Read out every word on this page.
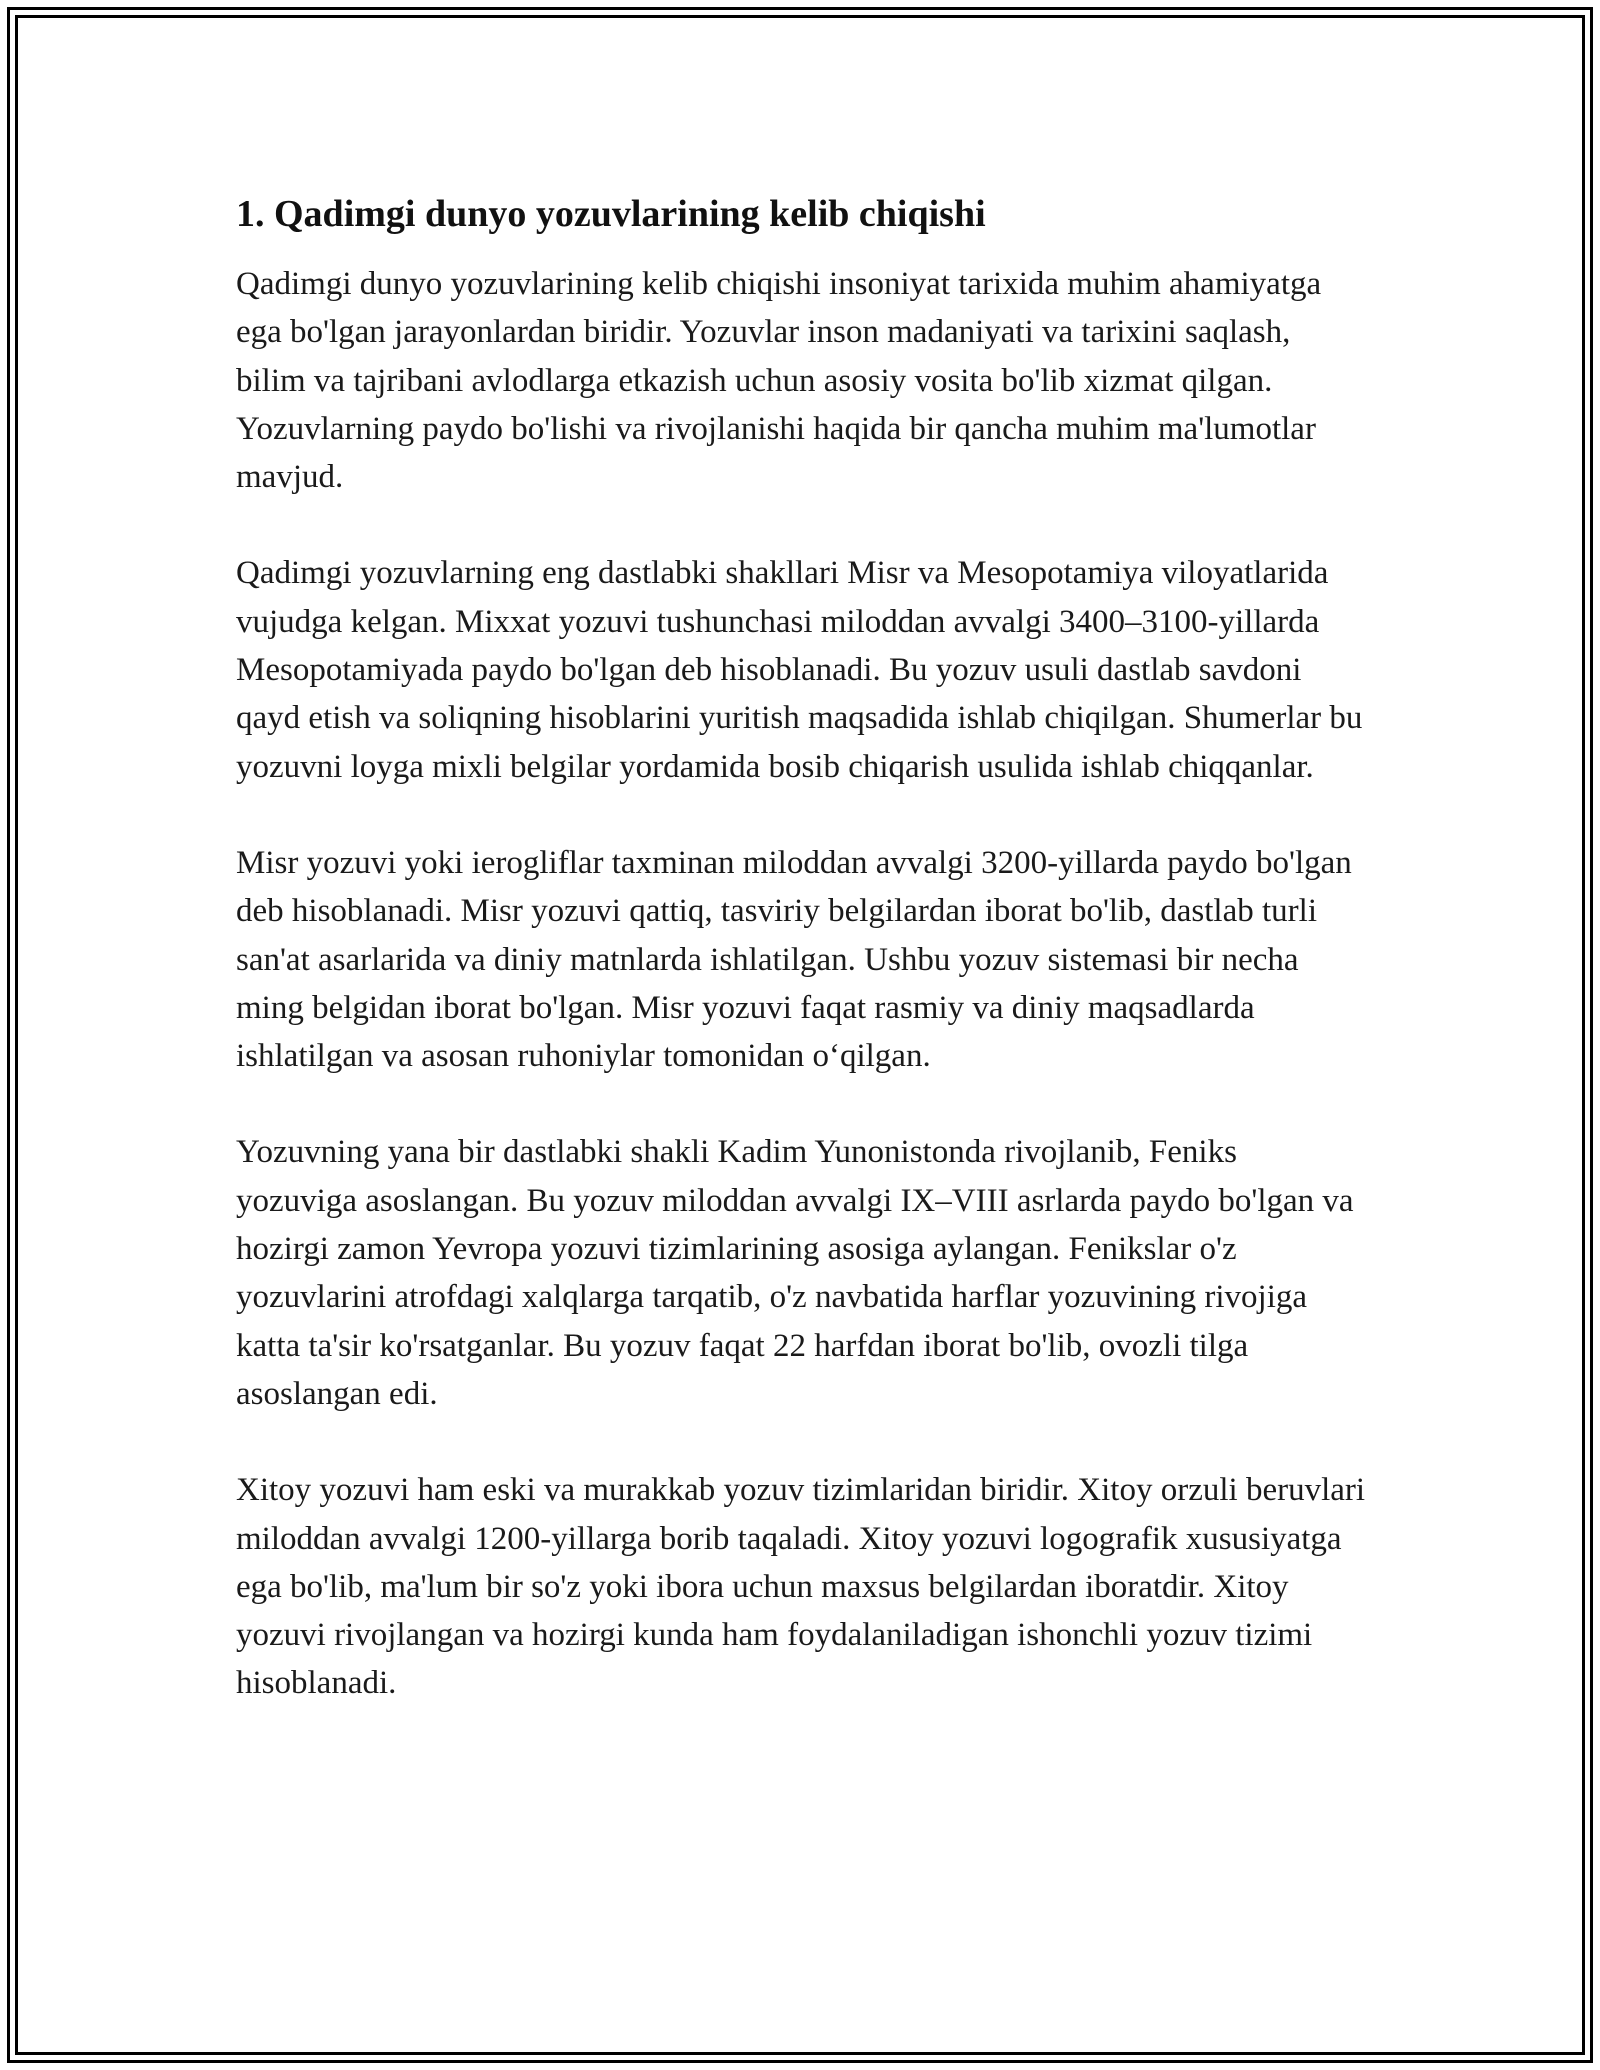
1. Qadimgi dunyo yozuvlarining kelib chiqishi

Qadimgi dunyo yozuvlarining kelib chiqishi insoniyat tarixida muhim ahamiyatga ega bo'lgan jarayonlardan biridir. Yozuvlar inson madaniyati va tarixini saqlash, bilim va tajribani avlodlarga etkazish uchun asosiy vosita bo'lib xizmat qilgan. Yozuvlarning paydo bo'lishi va rivojlanishi haqida bir qancha muhim ma'lumotlar mavjud.

Qadimgi yozuvlarning eng dastlabki shakllari Misr va Mesopotamiya viloyatlarida vujudga kelgan. Mixxat yozuvi tushunchasi miloddan avvalgi 3400–3100-yillarda Mesopotamiyada paydo bo'lgan deb hisoblanadi. Bu yozuv usuli dastlab savdoni qayd etish va soliqning hisoblarini yuritish maqsadida ishlab chiqilgan. Shumerlar bu yozuvni loyga mixli belgilar yordamida bosib chiqarish usulida ishlab chiqqanlar.

Misr yozuvi yoki ierogliflar taxminan miloddan avvalgi 3200-yillarda paydo bo'lgan deb hisoblanadi. Misr yozuvi qattiq, tasviriy belgilardan iborat bo'lib, dastlab turli san'at asarlarida va diniy matnlarda ishlatilgan. Ushbu yozuv sistemasi bir necha ming belgidan iborat bo'lgan. Misr yozuvi faqat rasmiy va diniy maqsadlarda ishlatilgan va asosan ruhoniylar tomonidan o‘qilgan.

Yozuvning yana bir dastlabki shakli Kadim Yunonistonda rivojlanib, Feniks yozuviga asoslangan. Bu yozuv miloddan avvalgi IX–VIII asrlarda paydo bo'lgan va hozirgi zamon Yevropa yozuvi tizimlarining asosiga aylangan. Fenikslar o'z yozuvlarini atrofdagi xalqlarga tarqatib, o'z navbatida harflar yozuvining rivojiga katta ta'sir ko'rsatganlar. Bu yozuv faqat 22 harfdan iborat bo'lib, ovozli tilga asoslangan edi.

Xitoy yozuvi ham eski va murakkab yozuv tizimlaridan biridir. Xitoy orzuli beruvlari miloddan avvalgi 1200-yillarga borib taqaladi. Xitoy yozuvi logografik xususiyatga ega bo'lib, ma'lum bir so'z yoki ibora uchun maxsus belgilardan iboratdir. Xitoy yozuvi rivojlangan va hozirgi kunda ham foydalaniladigan ishonchli yozuv tizimi hisoblanadi.
